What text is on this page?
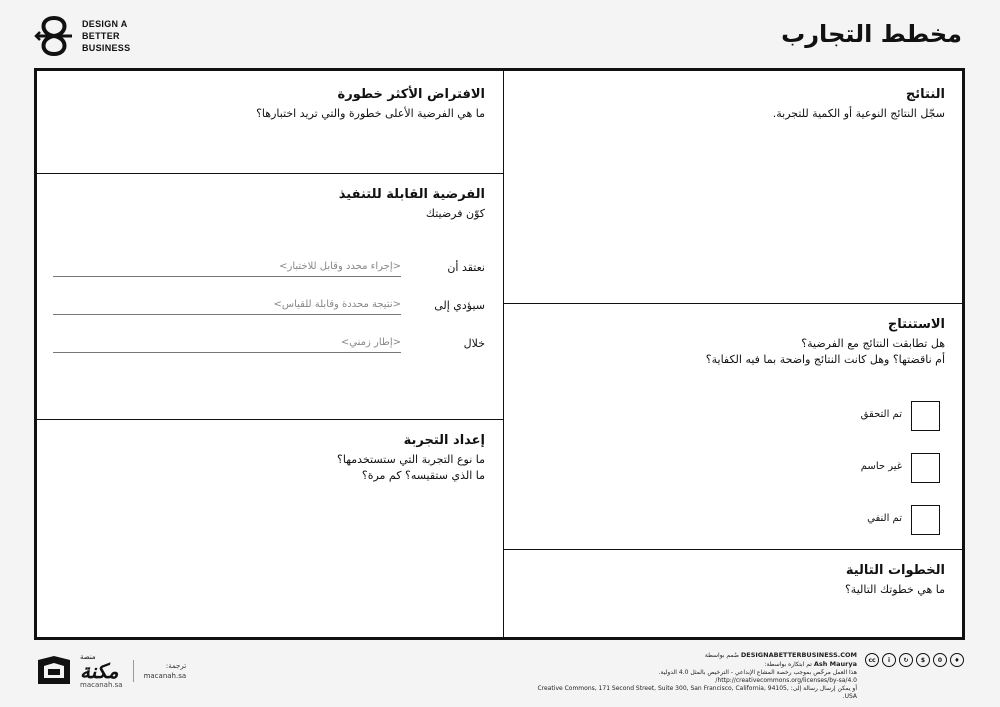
DESIGN A
BETTER
BUSINESS	مخطط التجارب
الافتراض الأكثر خطورة

ما هي الفرضية الأعلى خطورة والتي تريد اختبارها؟

الفرضية القابلة للتنفيذ

كوّن فرضيتك

نعتقد أن
<إجراء محدد وقابل للاختبار>
سيؤدي إلى
<نتيجة محددة وقابلة للقياس>
خلال
<إطار زمني>
إعداد التجربة

ما نوع التجربة التي ستستخدمها؟

ما الذي ستقيسه؟ كم مرة؟

النتائج

سجّل النتائج النوعية أو الكمية للتجربة.

الاستنتاج

هل تطابقت النتائج مع الفرضية؟

أم ناقضتها؟ وهل كانت النتائج واضحة بما فيه الكفاية؟

تم التحقق
غير حاسم
تم النفي
الخطوات التالية

ما هي خطوتك التالية؟

منصة
مكنة
macanah.sa
ترجمة:
macanah.sa
DESIGNABETTERBUSINESS.COM صُمم بواسطة
Ash Maurya تم ابتكاره بواسطة:
هذا العمل مرخّص بموجب رخصة المشاع الإبداعي - الترخيص بالمثل 4.0 الدولية. http://creativecommons.org/licenses/by-sa/4.0/
أو يمكن إرسال رسالة إلى: Creative Commons, 171 Second Street, Suite 300, San Francisco, California, 94105, USA.
cc	i	↻	$	0	♦
